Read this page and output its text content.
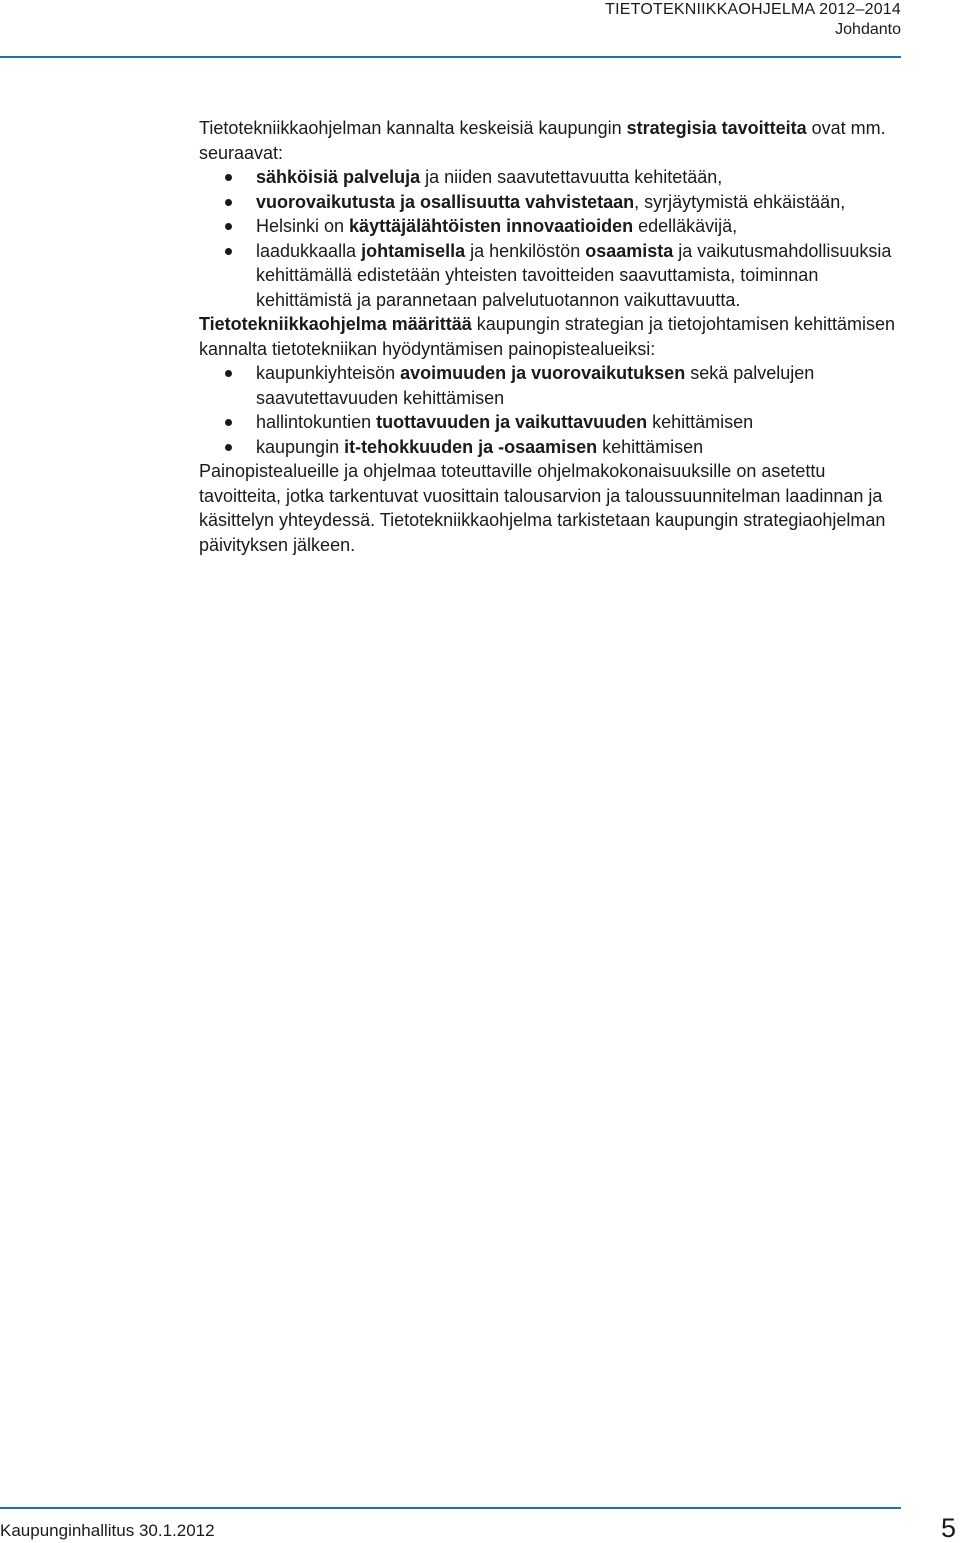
TIETOTEKNIIKKAOHJELMA 2012–2014
Johdanto

Tietotekniikkaohjelman kannalta keskeisiä kaupungin strategisia tavoitteita ovat mm. seuraavat:

sähköisiä palveluja ja niiden saavutettavuutta kehitetään,
vuorovaikutusta ja osallisuutta vahvistetaan, syrjäytymistä ehkäistään,
Helsinki on käyttäjälähtöisten innovaatioiden edelläkävijä,
laadukkaalla johtamisella ja henkilöstön osaamista ja vaikutusmahdollisuuksia kehittämällä edistetään yhteisten tavoitteiden saavuttamista, toiminnan kehittämistä ja parannetaan palvelutuotannon vaikuttavuutta.

Tietotekniikkaohjelma määrittää kaupungin strategian ja tietojohtamisen kehittämisen kannalta tietotekniikan hyödyntämisen painopistealueiksi:

kaupunkiyhteisön avoimuuden ja vuorovaikutuksen sekä palvelujen saavutettavuuden kehittämisen
hallintokuntien tuottavuuden ja vaikuttavuuden kehittämisen
kaupungin it-tehokkuuden ja -osaamisen kehittämisen

Painopistealueille ja ohjelmaa toteuttaville ohjelmakokonaisuuksille on asetettu tavoitteita, jotka tarkentuvat vuosittain talousarvion ja taloussuunnitelman laadinnan ja käsittelyn yhteydessä. Tietotekniikkaohjelma tarkistetaan kaupungin strategiaohjelman päivityksen jälkeen.

Kaupunginhallitus 30.1.2012	5
